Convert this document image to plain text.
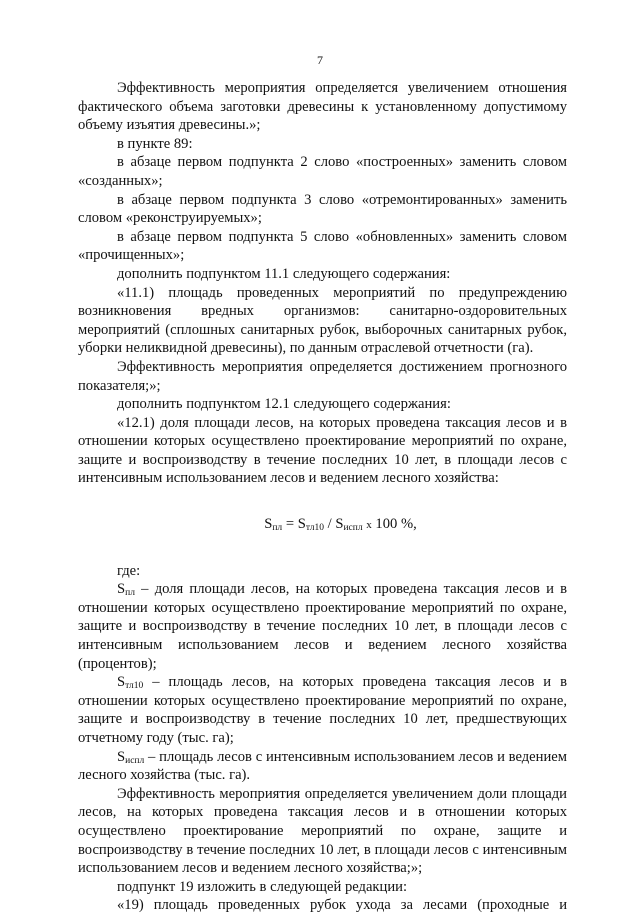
7

Эффективность мероприятия определяется увеличением отношения фактического объема заготовки древесины к установленному допустимому объему изъятия древесины.»;

в пункте 89:

в абзаце первом подпункта 2 слово «построенных» заменить словом «созданных»;

в абзаце первом подпункта 3 слово «отремонтированных» заменить словом «реконструируемых»;

в абзаце первом подпункта 5 слово «обновленных» заменить словом «прочищенных»;

дополнить подпунктом 11.1 следующего содержания:

«11.1) площадь проведенных мероприятий по предупреждению возникновения вредных организмов: санитарно-оздоровительных мероприятий (сплошных санитарных рубок, выборочных санитарных рубок, уборки неликвидной древесины), по данным отраслевой отчетности (га).

Эффективность мероприятия определяется достижением прогнозного показателя;»;

дополнить подпунктом 12.1 следующего содержания:

«12.1) доля площади лесов, на которых проведена таксация лесов и в отношении которых осуществлено проектирование мероприятий по охране, защите и воспроизводству в течение последних 10 лет, в площади лесов с интенсивным использованием лесов и ведением лесного хозяйства:

$S_{пл} = S_{тл10} / S_{испл}$ x 100 %,

где:

$S_{пл}$ – доля площади лесов, на которых проведена таксация лесов и в отношении которых осуществлено проектирование мероприятий по охране, защите и воспроизводству в течение последних 10 лет, в площади лесов с интенсивным использованием лесов и ведением лесного хозяйства (процентов);

$S_{тл10}$ – площадь лесов, на которых проведена таксация лесов и в отношении которых осуществлено проектирование мероприятий по охране, защите и воспроизводству в течение последних 10 лет, предшествующих отчетному году (тыс. га);

$S_{испл}$ – площадь лесов с интенсивным использованием лесов и ведением лесного хозяйства (тыс. га).

Эффективность мероприятия определяется увеличением доли площади лесов, на которых проведена таксация лесов и в отношении которых осуществлено проектирование мероприятий по охране, защите и воспроизводству в течение последних 10 лет, в площади лесов с интенсивным использованием лесов и ведением лесного хозяйства;»;

подпункт 19 изложить в следующей редакции:

«19) площадь проведенных рубок ухода за лесами (проходные и
